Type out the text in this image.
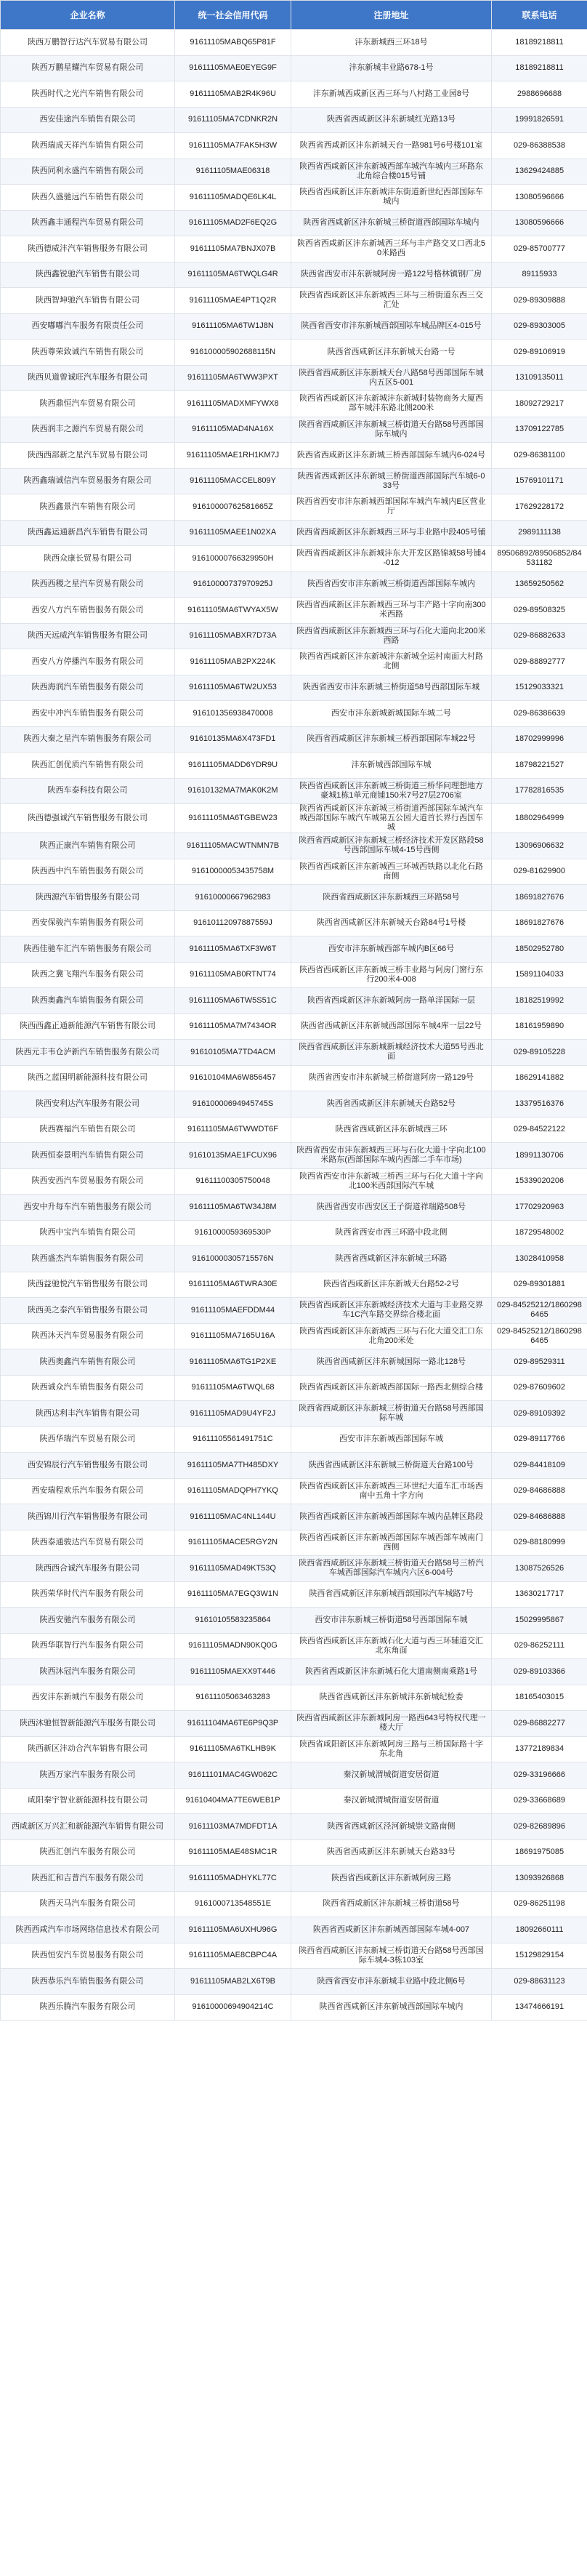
企业名称	统一社会信用代码	注册地址	联系电话
陕西万鹏智行达汽车贸易有限公司	91611105MABQ65P81F	沣东新城西三环18号	18189218811
陕西万鹏星耀汽车贸易有限公司	91611105MAE0EYEG9F	沣东新城丰业路678-1号	18189218811
陕西时代之光汽车销售有限公司	91611105MAB2R4K96U	沣东新城西咸新区西三环与八村路工业园8号	2988696688
西安佳途汽车销售有限公司	91611105MA7CDNKR2N	陕西省西咸新区沣东新城红光路13号	19991826591
陕西瑞成天祥汽车销售有限公司	91611105MA7FAK5H3W	陕西省西咸新区沣东新城天台一路981号6号楼101室	029-86388538
陕西同利永盛汽车销售有限公司	91611105MAE06318	陕西省西咸新区沣东新城西部车城汽车城内三环路东北角综合楼015号铺	13629424885
陕西久盛驰远汽车销售有限公司	91611105MADQE6LK4L	陕西省西咸新区沣东新城沣东街道新世纪西部国际车城内	13080596666
陕西鑫丰通程汽车贸易有限公司	91611105MAD2F6EQ2G	陕西省西咸新区沣东新城三桥街道西部国际车城内	13080596666
陕西德威沣汽车销售服务有限公司	91611105MA7BNJX07B	陕西省西咸新区沣东新城西三环与丰产路交叉口西北50米路西	029-85700777
陕西鑫锐驰汽车销售有限公司	91611105MA6TWQLG4R	陕西省西安市沣东新城阿房一路122号格林镇钢厂房	89115933
陕西智坤驰汽车销售有限公司	91611105MAE4PT1Q2R	陕西省西咸新区沣东新城西三环与三桥街道东西三交汇处	029-89309888
西安嘟嘟汽车服务有限责任公司	91611105MA6TW1J8N	陕西省西安市沣东新城西部国际车城品牌区4-015号	029-89303005
陕西尊荣致诚汽车销售有限公司	916100005902688115N	陕西省西咸新区沣东新城天台路一号	029-89106919
陕西贝道曾诚旺汽车服务有限公司	91611105MA6TWW3PXT	陕西省西咸新区沣东新城天台八路58号西部国际车城内五区5-001	13109135011
陕西鼎恒汽车贸易有限公司	91611105MADXMFYWX8	陕西省西咸新区沣东新城沣东新城时装物商务大厦西部车城沣东路北侧200米	18092729217
陕西润丰之源汽车贸易有限公司	91611105MAD4NA16X	陕西省西咸新区沣东新城三桥街道天台路58号西部国际车城内	13709122785
陕西西部新之星汽车贸易有限公司	91611105MAE1RH1KM7J	陕西省西咸新区沣东新城三桥西部国际车城内6-024号	029-86381100
陕西鑫瑞诚信汽车贸易服务有限公司	91611105MACCEL809Y	陕西省西咸新区沣东新城三桥街道西部国际汽车城6-033号	15769101171
陕西鑫景汽车销售有限公司	91610000762581665Z	陕西省西安市沣东新城西部国际车城汽车城内E区营业厅	17629228172
陕西鑫运通新昌汽车销售有限公司	91611105MAEE1N02XA	陕西省西咸新区沣东新城西三环与丰业路中段405号铺	2989111138
陕西众康长贸易有限公司	91610000766329950H	陕西省西咸新区沣东新城沣东大开发区路锦城58号铺4-012	89506892/89506852/84531182
陕西西稷之星汽车贸易有限公司	91610000737970925J	陕西省西安市沣东新城三桥街道西部国际车城内	13659250562
西安八方汽车销售服务有限公司	91611105MA6TWYAX5W	陕西省西咸新区沣东新城西三环与丰产路十字向南300米西路	029-89508325
陕西天远威汽车销售服务有限公司	91611105MABXR7D73A	陕西省西咸新区沣东新城西三环与石化大道向北200米西路	029-86882633
西安八方停播汽车服务有限公司	91611105MAB2PX224K	陕西省西咸新区沣东新城沣东新城全运村南面大村路北侧	029-88892777
陕西海润汽车销售服务有限公司	91611105MA6TW2UX53	陕西省西安市沣东新城三桥街道58号西部国际车城	15129033321
西安中冲汽车销售服务有限公司	916101356938470008	西安市沣东新城新城国际车城二号	029-86386639
陕西大秦之星汽车销售服务有限公司	91610135MA6X473FD1	陕西省西咸新区沣东新城三桥西部国际车城22号	18702999996
陕西汇创优质汽车销售有限公司	91611105MADD6YDR9U	沣东新城西部国际车城	18798221527
陕西车泰科技有限公司	91610132MA7MAK0K2M	陕西省西咸新区沣东新城三桥街道三桥华问理想地方豪城1栋1单元商铺150米7号27层2706室	17782816535
陕西德强诚汽车销售服务有限公司	91611105MA6TGBEW23	陕西省西咸新区沣东新城三桥街道西部国际车城汽车城西部国际车城汽车城第五公园大道首长界行西国车城	18802964999
陕西正康汽车销售有限公司	91611105MACWTNMN7B	陕西省西咸新区沣东新城三桥经济技术开发区路段58号西部国际车城4-15号西侧	13096906632
陕西西中汽车销售服务有限公司	91610000053435758M	陕西省西咸新区沣东新城西三环城西铁路以北化石路南侧	029-81629900
陕西源汽车销售服务有限公司	91610000667962983	陕西省西咸新区沣东新城西三环路58号	18691827676
西安保骏汽车销售服务有限公司	91610112097887559J	陕西省西咸新区沣东新城天台路84号1号楼	18691827676
陕西佳驰车汇汽车销售服务有限公司	91611105MA6TXF3W6T	西安市沣东新城西部车城内B区66号	18502952780
陕西之冀飞翔汽车服务有限公司	91611105MAB0RTNT74	陕西省西咸新区沣东新城三桥丰业路与阿房门窗行东行200米4-008	15891104033
陕西奥鑫汽车销售服务有限公司	91611105MA6TW5S51C	陕西省西咸新区沣东新城阿房一路单洋国际一层	18182519992
陕西西鑫正通新能源汽车销售有限公司	91611105MA7M7434OR	陕西省西咸新区沣东新城西部国际车城4库一层22号	18161959890
陕西元丰韦仓泸新汽车销售服务有限公司	91610105MA7TD4ACM	陕西省西咸新区沣东新城新城经济技术大道55号西北面	029-89105228
陕西之蓝国明新能源科技有限公司	91610104MA6W856457	陕西省西安市沣东新城三桥街道阿房一路129号	18629141882
陕西安利达汽车服务有限公司	91610000694945745S	陕西省西咸新区沣东新城天台路52号	13379516376
陕西赛福汽车销售有限公司	91611105MA6TWWDT6F	陕西省西咸新区沣东新城西三环	029-84522122
陕西恒泰景明汽车销售有限公司	91610135MAE1FCUX96	陕西省西安市沣东新城西三环与石化大道十字向北100米路东(西部国际车城内西部二手车市场)	18991130706
陕西安西汽车贸易服务有限公司	91611100305750048	陕西省西安市沣东新城三桥西三环与石化大道十字向北100米西部国际汽车城	15339020206
西安中升每车汽车销售服务有限公司	91611105MA6TW34J8M	陕西省西安市西安区王子街道祥瑞路508号	17702920963
陕西中宝汽车销售有限公司	9161000059369530P	陕西省西安市西三环路中段北侧	18729548002
陕西盛杰汽车销售服务有限公司	91610000305715576N	陕西省西咸新区沣东新城三环路	13028410958
陕西益驰悦汽车销售服务有限公司	91611105MA6TWRA30E	陕西省西咸新区沣东新城天台路52-2号	029-89301881
陕西美之泰汽车销售服务有限公司	91611105MAEFDDM44	陕西省西咸新区沣东新城经济技术大道与丰业路交界车1C汽车路交界综合楼北面	029-84525212/18602986465
陕西沐天汽车贸易服务有限公司	91611105MA7165U16A	陕西省西咸新区沣东新城西三环与石化大道交汇口东北角200米处	029-84525212/18602986465
陕西奥鑫汽车销售有限公司	91611105MA6TG1P2XE	陕西省西咸新区沣东新城国际一路北128号	029-89529311
陕西诚众汽车销售服务有限公司	91611105MA6TWQL68	陕西省西咸新区沣东新城西部国际一路西北侧综合楼	029-87609602
陕西达利丰汽车销售有限公司	91611105MAD9U4YF2J	陕西省西咸新区沣东新城三桥街道天台路58号西部国际车城	029-89109392
陕西华瑞汽车贸易有限公司	91611105561491751C	西安市沣东新城西部国际车城	029-89117766
西安锦辰行汽车销售服务有限公司	91611105MA7TH485DXY	陕西省西咸新区沣东新城三桥街道天台路100号	029-84418109
西安瑞程欢乐汽车服务有限公司	91611105MADQPH7YKQ	陕西省西咸新区沣东新城西三环世纪大道车汇市场西南中五角十字方向	029-84686888
陕西锦川行汽车销售服务有限公司	91611105MAC4NL144U	陕西省西咸新区沣东新城西部国际车城内品牌区路段	029-84686888
陕西泰通骏达汽车贸易有限公司	91611105MACE5RGY2N	陕西省西咸新区沣东新城西部国际车城西部车城南门西侧	029-88180999
陕西西合诚汽车服务有限公司	91611105MAD49KT53Q	陕西省西咸新区沣东新城三桥街道天台路58号三桥汽车城西部国际汽车城内六区6-004号	13087526526
陕西荣华时代汽车服务有限公司	91611105MA7EGQ3W1N	陕西省西咸新区沣东新城西部国际汽车城路7号	13630217717
陕西安驰汽车服务有限公司	91610105583235864	西安市沣东新城三桥街道58号西部国际车城	15029995867
陕西华联智行汽车服务有限公司	91611105MADN90KQ0G	陕西省西咸新区沣东新城石化大道与西三环辅道交汇北东角面	029-86252111
陕西沐冠汽车服务有限公司	91611105MAEXX9T446	陕西省西咸新区沣东新城石化大道南侧南乘路1号	029-89103366
西安沣东新城汽车服务有限公司	91611105063463283	陕西省西咸新区沣东新城沣东新城纪检委	18165403015
陕西沐驰恒智新能源汽车服务有限公司	91611104MA6TE6P9Q3P	陕西省西咸新区沣东新城阿房一路西643号特权代理一楼大厅	029-86882277
陕西新区沣动合汽车销售有限公司	91611105MA6TKLHB9K	陕西省咸阳新区沣东新城阿房三路与三桥国际路十字东北角	13772189834
陕西万家汽车服务有限公司	91611101MAC4GW062C	秦汉新城渭城街道安居街道	029-33196666
咸阳秦宇智业新能源科技有限公司	91610404MA7TE6WEB1P	秦汉新城渭城街道安居街道	029-33668689
西咸新区万兴汇和新能源汽车销售有限公司	91611103MA7MDFDT1A	陕西省西咸新区泾河新城崇文路南侧	029-82689896
陕西汇创汽车服务有限公司	91611105MAE48SMC1R	陕西省西咸新区沣东新城天台路33号	18691975085
陕西汇和吉普汽车服务有限公司	91611105MADHYKL77C	陕西省西咸新区沣东新城阿房三路	13093926868
陕西天马汽车服务有限公司	9161000713548551E	陕西省西咸新区沣东新城三桥街道58号	029-86251198
陕西西咸汽车市场网络信息技术有限公司	91611105MA6UXHU96G	陕西省西咸新区沣东新城西部国际车城4-007	18092660111
陕西恒安汽车贸易服务有限公司	91611105MAE8CBPC4A	陕西省西咸新区沣东新城三桥街道天台路58号西部国际车城4-3栋103室	15129829154
陕西恭乐汽车销售服务有限公司	91611105MAB2LX6T9B	陕西省西安市沣东新城丰业路中段北侧6号	029-88631123
陕西乐腾汽车服务有限公司	91610000694904214C	陕西省西咸新区沣东新城西部国际车城内	13474666191
